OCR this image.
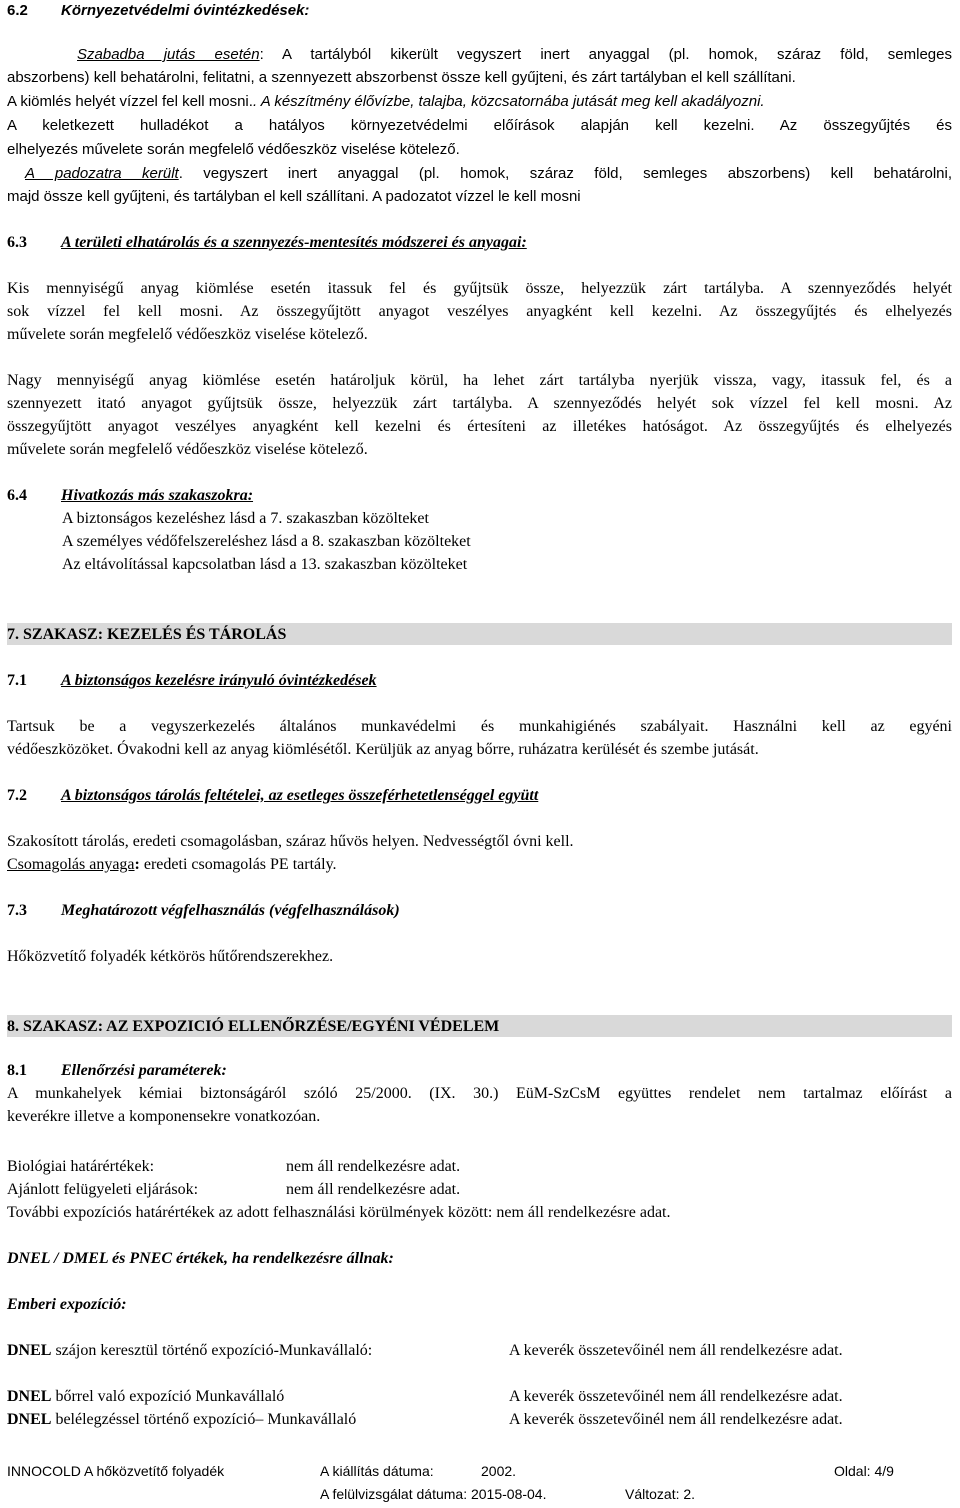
6.2 Környezetvédelmi óvintézkedések:
Szabadba jutás esetén: A tartályból kikerült vegyszert inert anyaggal (pl. homok, száraz föld, semleges
abszorbens) kell behatárolni, felitatni, a szennyezett abszorbenst össze kell gyűjteni, és zárt tartályban el kell szállítani.
A kiömlés helyét vízzel fel kell mosni.. A készítmény élővízbe, talajba, közcsatornába jutását meg kell akadályozni.
A keletkezett hulladékot a hatályos környezetvédelmi előírások alapján kell kezelni. Az összegyűjtés és
elhelyezés művelete során megfelelő védőeszköz viselése kötelező.
A padozatra került. vegyszert inert anyaggal (pl. homok, száraz föld, semleges abszorbens) kell behatárolni,
majd össze kell gyűjteni, és tartályban el kell szállítani. A padozatot vízzel le kell mosni
6.3 A területi elhatárolás és a szennyezés-mentesítés módszerei és anyagai:
Kis mennyiségű anyag kiömlése esetén itassuk fel és gyűjtsük össze, helyezzük zárt tartályba. A szennyeződés helyét
sok vízzel fel kell mosni. Az összegyűjtött anyagot veszélyes anyagként kell kezelni. Az összegyűjtés és elhelyezés
művelete során megfelelő védőeszköz viselése kötelező.
Nagy mennyiségű anyag kiömlése esetén határoljuk körül, ha lehet zárt tartályba nyerjük vissza, vagy, itassuk fel, és a
szennyezett itató anyagot gyűjtsük össze, helyezzük zárt tartályba. A szennyeződés helyét sok vízzel fel kell mosni. Az
összegyűjtött anyagot veszélyes anyagként kell kezelni és értesíteni az illetékes hatóságot. Az összegyűjtés és elhelyezés
művelete során megfelelő védőeszköz viselése kötelező.
6.4 Hivatkozás más szakaszokra:
A biztonságos kezeléshez lásd a 7. szakaszban közölteket
A személyes védőfelszereléshez lásd a 8. szakaszban közölteket
Az eltávolítással kapcsolatban lásd a 13. szakaszban közölteket
7. SZAKASZ: KEZELÉS ÉS TÁROLÁS
7.1 A biztonságos kezelésre irányuló óvintézkedések
Tartsuk be a vegyszerkezelés általános munkavédelmi és munkahigiénés szabályait. Használni kell az egyéni
védőeszközöket. Óvakodni kell az anyag kiömlésétől. Kerüljük az anyag bőrre, ruházatra kerülését és szembe jutását.
7.2 A biztonságos tárolás feltételei, az esetleges összeférhetetlenséggel együtt
Szakosított tárolás, eredeti csomagolásban, száraz hűvös helyen. Nedvességtől óvni kell.
Csomagolás anyaga: eredeti csomagolás PE tartály.
7.3 Meghatározott végfelhasználás (végfelhasználások)
Hőközvetítő folyadék kétkörös hűtőrendszerekhez.
8. SZAKASZ: AZ EXPOZICIÓ ELLENŐRZÉSE/EGYÉNI VÉDELEM
8.1 Ellenőrzési paraméterek:
A munkahelyek kémiai biztonságáról szóló 25/2000. (IX. 30.) EüM-SzCsM együttes rendelet nem tartalmaz előírást a
keverékre illetve a komponensekre vonatkozóan.
Biológiai határértékek:	nem áll rendelkezésre adat.
Ajánlott felügyeleti eljárások:	nem áll rendelkezésre adat.
További expozíciós határértékek az adott felhasználási körülmények között: nem áll rendelkezésre adat.
DNEL / DMEL és PNEC értékek, ha rendelkezésre állnak:
Emberi expozíció:
DNEL szájon keresztül történő expozíció-Munkavállaló:	A keverék összetevőinél nem áll rendelkezésre adat.
DNEL bőrrel való expozíció Munkavállaló	A keverék összetevőinél nem áll rendelkezésre adat.
DNEL belélegzéssel történő expozíció– Munkavállaló	A keverék összetevőinél nem áll rendelkezésre adat.
INNOCOLD A hőközvetítő folyadék	A kiállítás dátuma:	2002.	Oldal: 4/9
A felülvizsgálat dátuma: 2015-08-04.	Változat: 2.
